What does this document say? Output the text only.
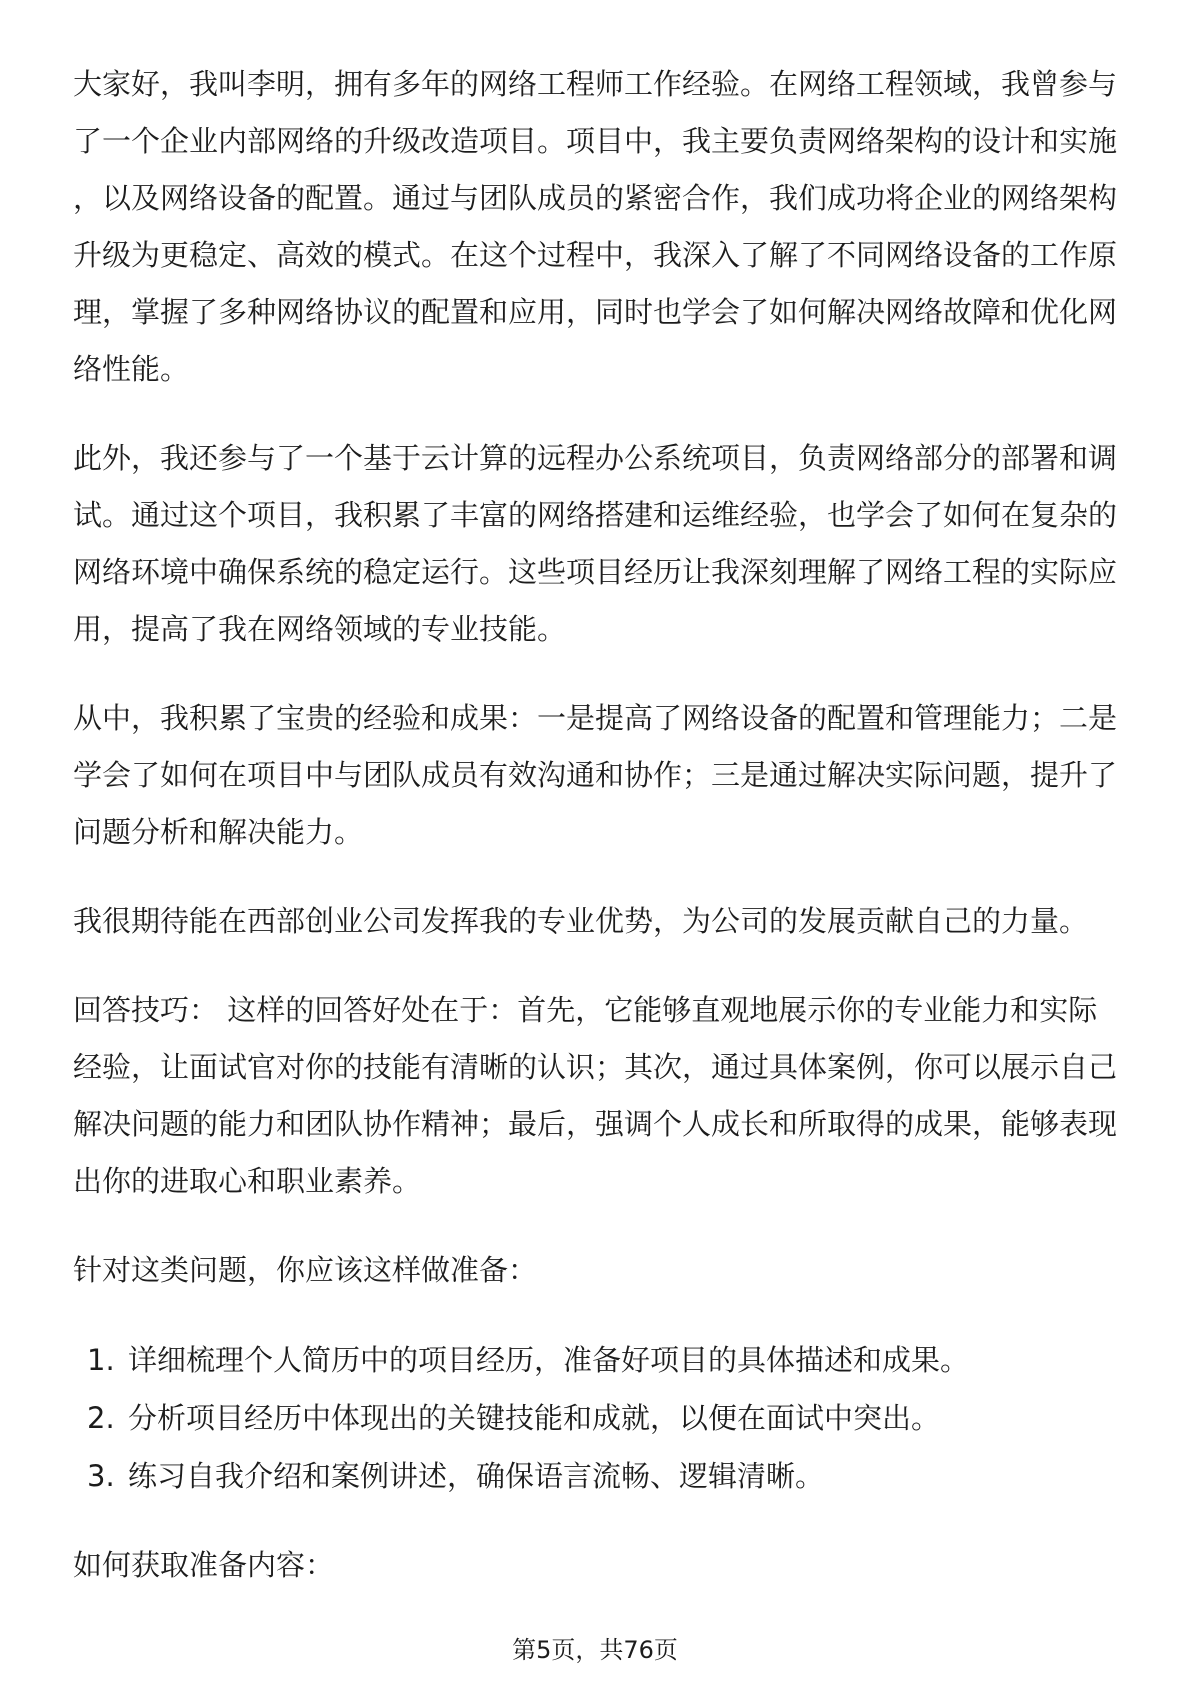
大家好，我叫李明，拥有多年的网络工程师工作经验。在网络工程领域，我曾参与了一个企业内部网络的升级改造项目。项目中，我主要负责网络架构的设计和实施，以及网络设备的配置。通过与团队成员的紧密合作，我们成功将企业的网络架构升级为更稳定、高效的模式。在这个过程中，我深入了解了不同网络设备的工作原理，掌握了多种网络协议的配置和应用，同时也学会了如何解决网络故障和优化网络性能。

此外，我还参与了一个基于云计算的远程办公系统项目，负责网络部分的部署和调试。通过这个项目，我积累了丰富的网络搭建和运维经验，也学会了如何在复杂的网络环境中确保系统的稳定运行。这些项目经历让我深刻理解了网络工程的实际应用，提高了我在网络领域的专业技能。

从中，我积累了宝贵的经验和成果：一是提高了网络设备的配置和管理能力；二是学会了如何在项目中与团队成员有效沟通和协作；三是通过解决实际问题，提升了问题分析和解决能力。

我很期待能在西部创业公司发挥我的专业优势，为公司的发展贡献自己的力量。

回答技巧： 这样的回答好处在于：首先，它能够直观地展示你的专业能力和实际经验，让面试官对你的技能有清晰的认识；其次，通过具体案例，你可以展示自己解决问题的能力和团队协作精神；最后，强调个人成长和所取得的成果，能够表现出你的进取心和职业素养。

针对这类问题，你应该这样做准备：

1. 详细梳理个人简历中的项目经历，准备好项目的具体描述和成果。
2. 分析项目经历中体现出的关键技能和成就，以便在面试中突出。
3. 练习自我介绍和案例讲述，确保语言流畅、逻辑清晰。

如何获取准备内容：

第5页，共76页
